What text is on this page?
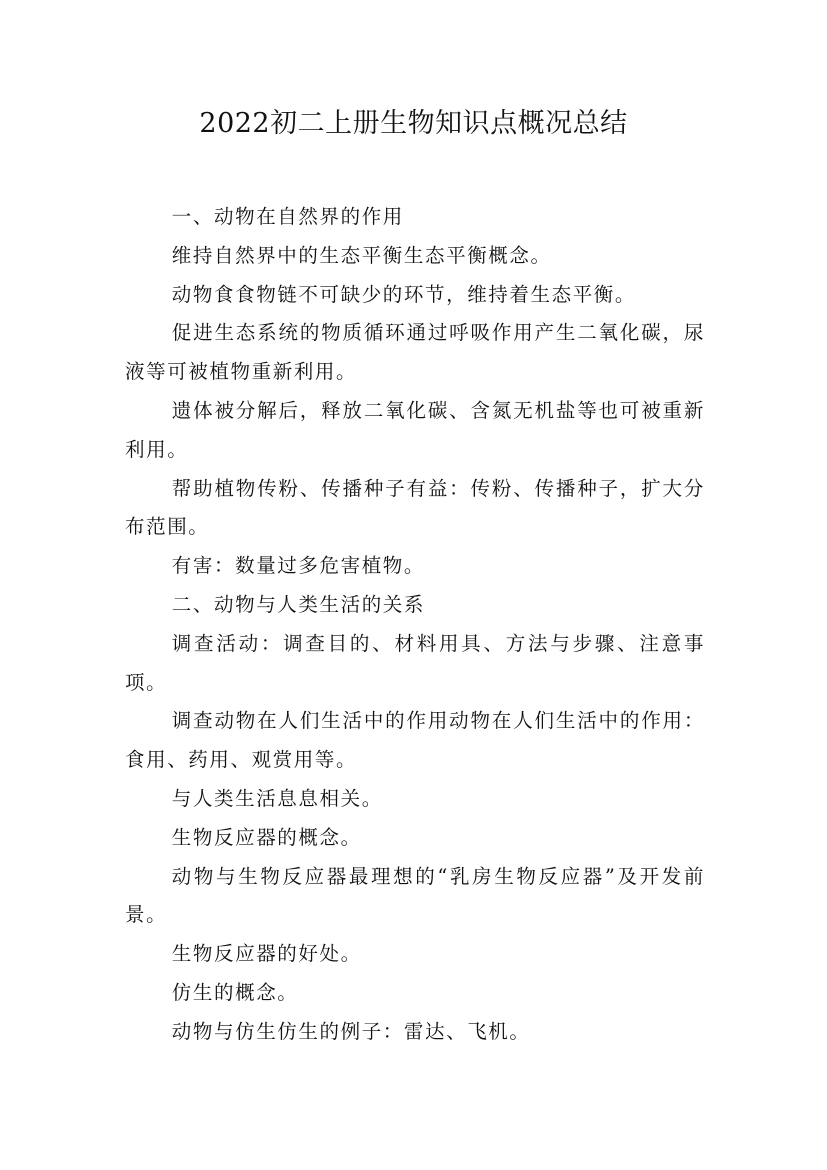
2022初二上册生物知识点概况总结

一、动物在自然界的作用

维持自然界中的生态平衡生态平衡概念。

动物食食物链不可缺少的环节，维持着生态平衡。

促进生态系统的物质循环通过呼吸作用产生二氧化碳，尿液等可被植物重新利用。

遗体被分解后，释放二氧化碳、含氮无机盐等也可被重新利用。

帮助植物传粉、传播种子有益：传粉、传播种子，扩大分布范围。

有害：数量过多危害植物。

二、动物与人类生活的关系

调查活动：调查目的、材料用具、方法与步骤、注意事项。

调查动物在人们生活中的作用动物在人们生活中的作用：食用、药用、观赏用等。

与人类生活息息相关。

生物反应器的概念。

动物与生物反应器最理想的“乳房生物反应器”及开发前景。

生物反应器的好处。

仿生的概念。

动物与仿生仿生的例子：雷达、飞机。
